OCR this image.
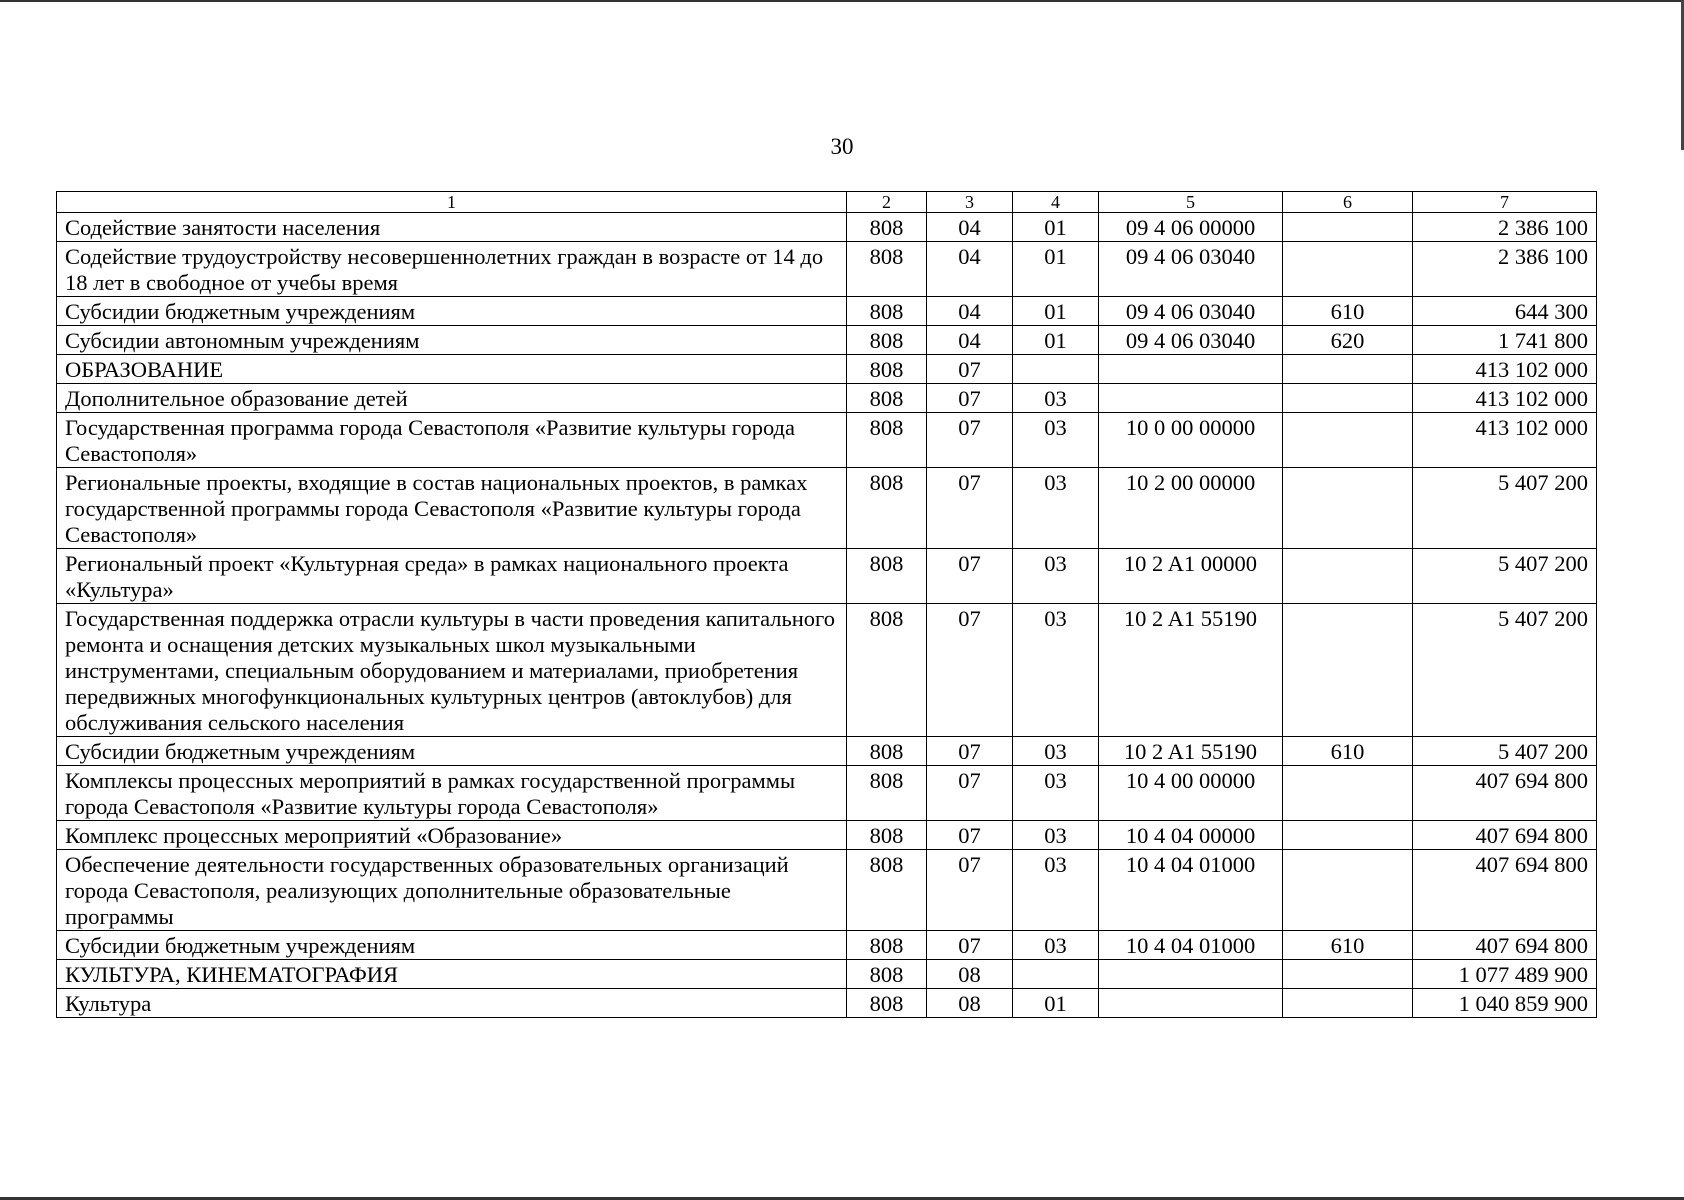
30
1	2	3	4	5	6	7
Содействие занятости населения	808	04	01	09 4 06 00000		2 386 100
Содействие трудоустройству несовершеннолетних граждан в возрасте от 14 до 18 лет в свободное от учебы время	808	04	01	09 4 06 03040		2 386 100
Субсидии бюджетным учреждениям	808	04	01	09 4 06 03040	610	644 300
Субсидии автономным учреждениям	808	04	01	09 4 06 03040	620	1 741 800
ОБРАЗОВАНИЕ	808	07				413 102 000
Дополнительное образование детей	808	07	03			413 102 000
Государственная программа города Севастополя «Развитие культуры города Севастополя»	808	07	03	10 0 00 00000		413 102 000
Региональные проекты, входящие в состав национальных проектов, в рамках государственной программы города Севастополя «Развитие культуры города Севастополя»	808	07	03	10 2 00 00000		5 407 200
Региональный проект «Культурная среда» в рамках национального проекта «Культура»	808	07	03	10 2 A1 00000		5 407 200
Государственная поддержка отрасли культуры в части проведения капитального ремонта и оснащения детских музыкальных школ музыкальными инструментами, специальным оборудованием и материалами, приобретения передвижных многофункциональных культурных центров (автоклубов) для обслуживания сельского населения	808	07	03	10 2 A1 55190		5 407 200
Субсидии бюджетным учреждениям	808	07	03	10 2 A1 55190	610	5 407 200
Комплексы процессных мероприятий в рамках государственной программы города Севастополя «Развитие культуры города Севастополя»	808	07	03	10 4 00 00000		407 694 800
Комплекс процессных мероприятий «Образование»	808	07	03	10 4 04 00000		407 694 800
Обеспечение деятельности государственных образовательных организаций города Севастополя, реализующих дополнительные образовательные программы	808	07	03	10 4 04 01000		407 694 800
Субсидии бюджетным учреждениям	808	07	03	10 4 04 01000	610	407 694 800
КУЛЬТУРА, КИНЕМАТОГРАФИЯ	808	08				1 077 489 900
Культура	808	08	01			1 040 859 900
